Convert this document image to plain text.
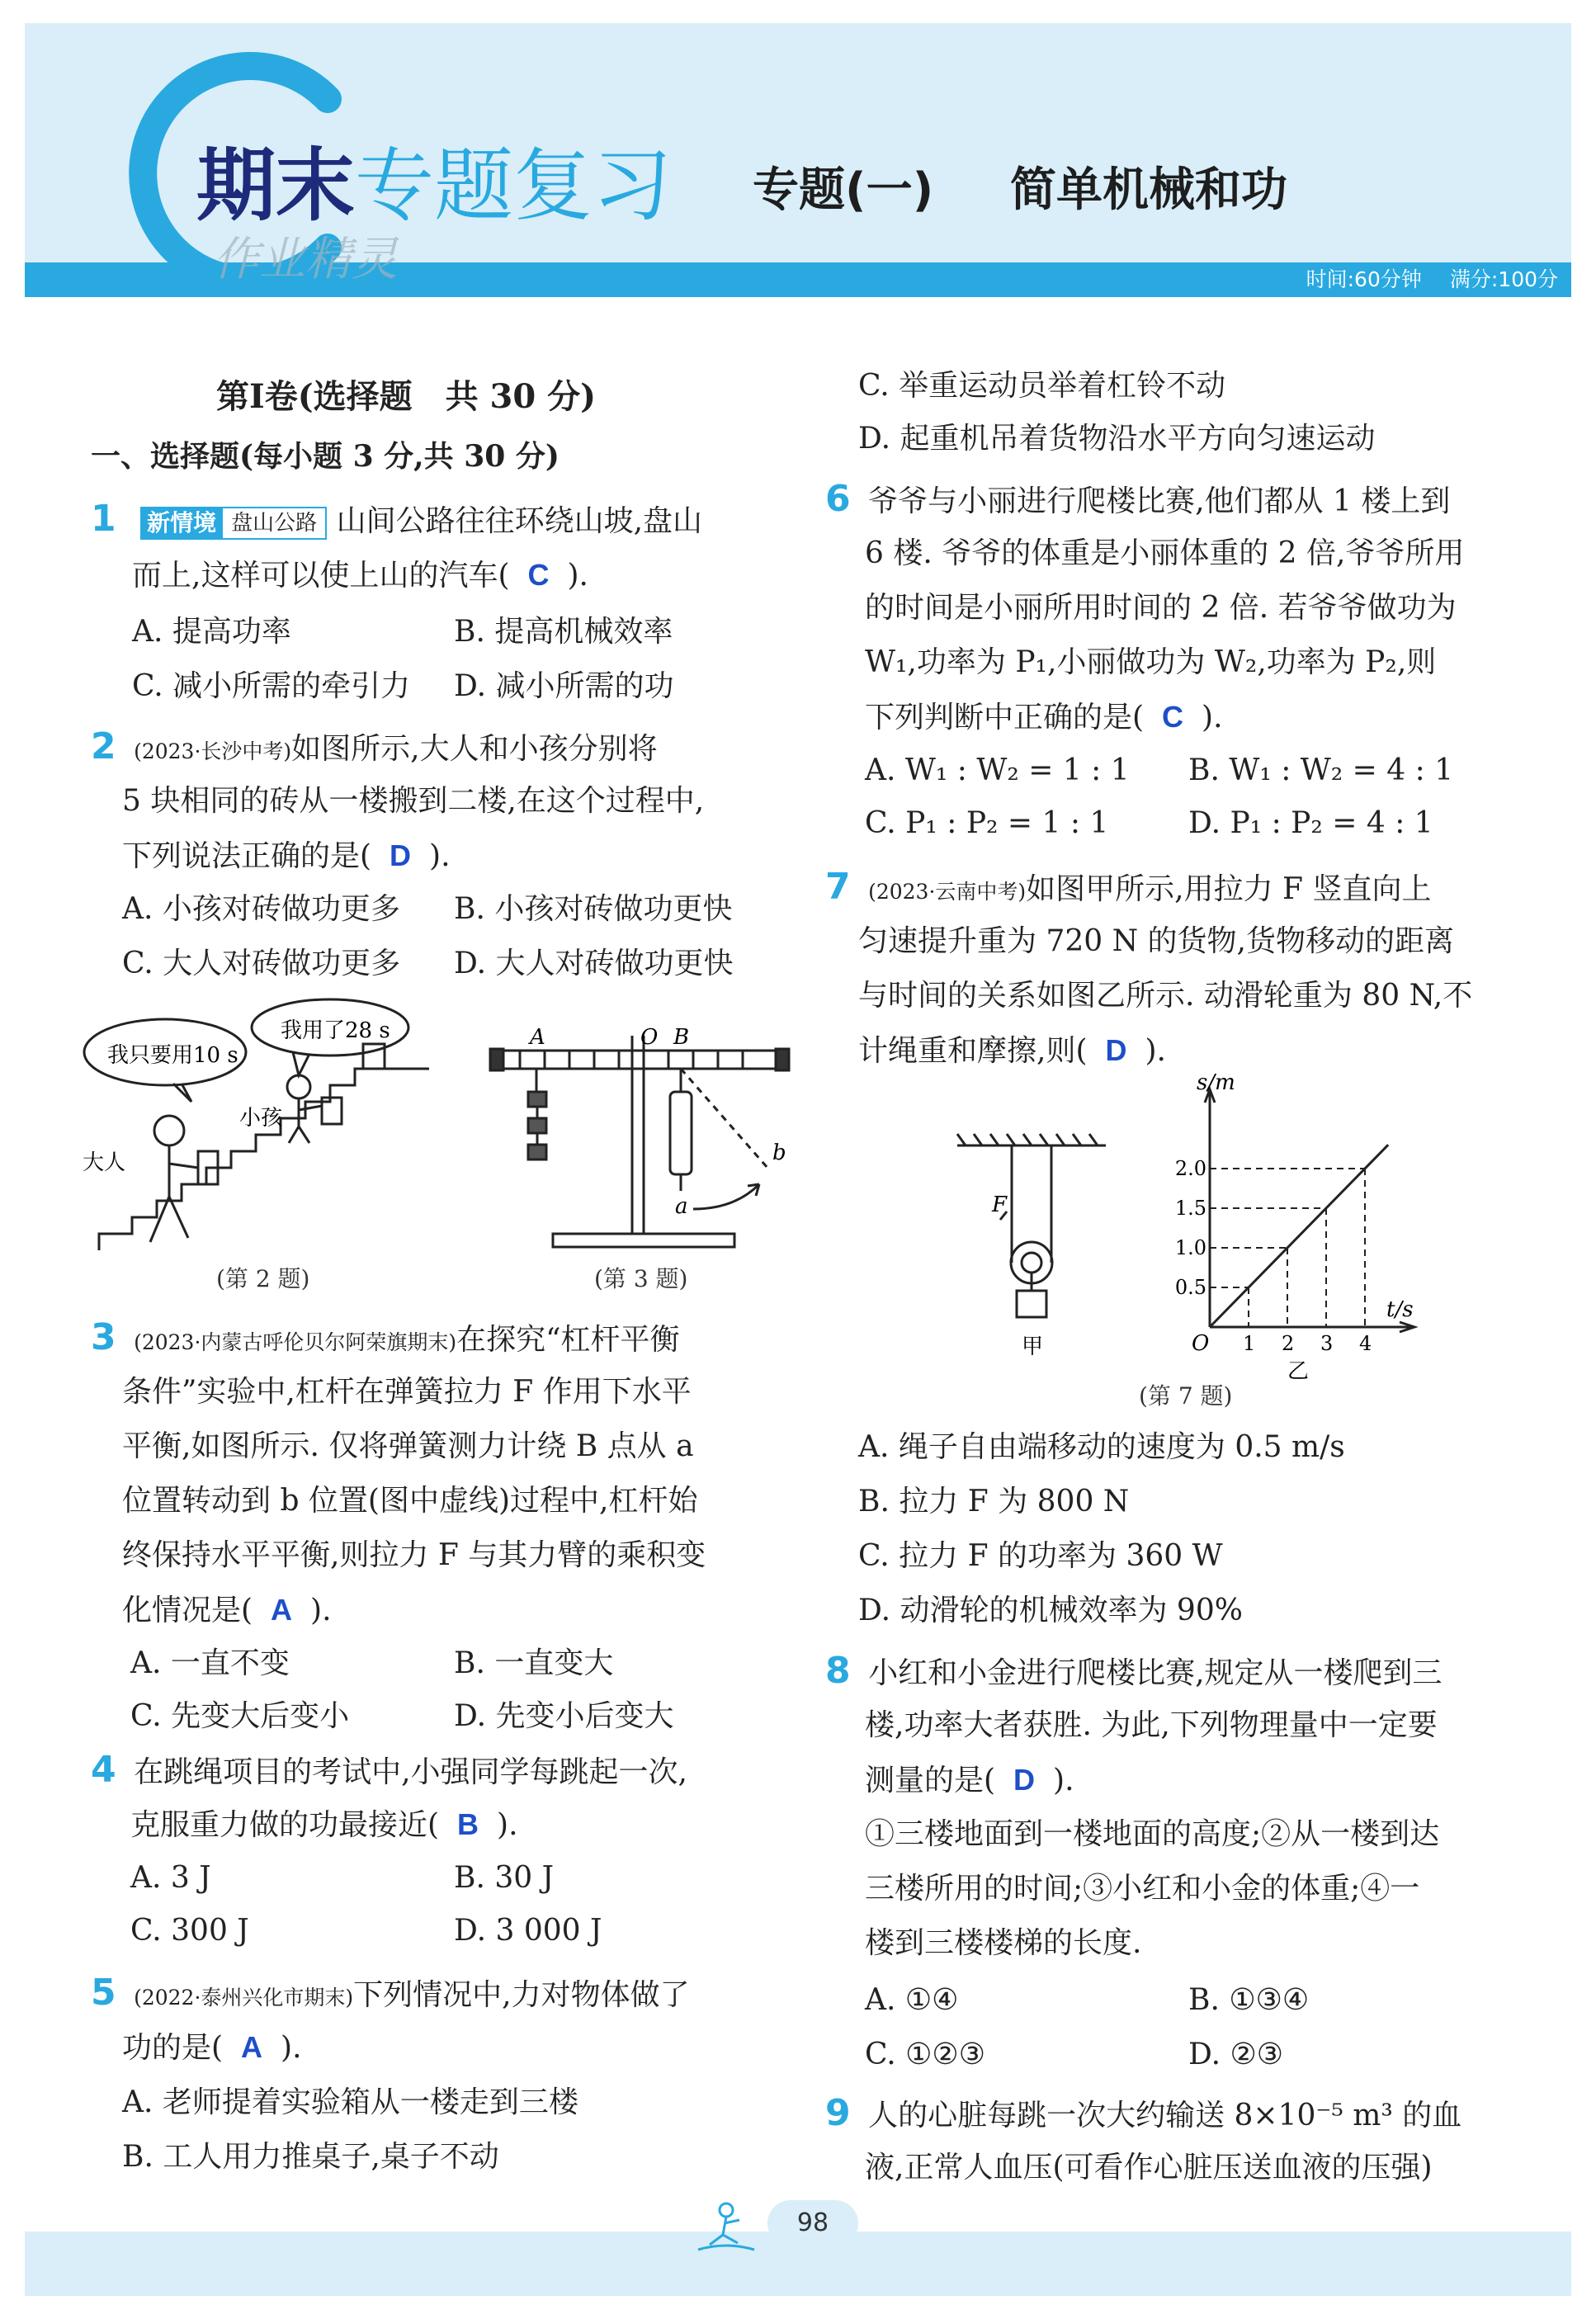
期末 专题复习
作业精灵
专题(一) 简单机械和功
时间:60分钟 满分:100分
第Ⅰ卷(选择题　共 30 分)
一、选择题(每小题 3 分,共 30 分)
1 新情境 盘山公路 山间公路往往环绕山坡,盘山
而上,这样可以使上山的汽车( C ).
A. 提高功率	B. 提高机械效率
C. 减小所需的牵引力 D. 减小所需的功
2 (2023·长沙中考)如图所示,大人和小孩分别将
5 块相同的砖从一楼搬到二楼,在这个过程中,
下列说法正确的是( D ).
A. 小孩对砖做功更多 B. 小孩对砖做功更快
C. 大人对砖做功更多 D. 大人对砖做功更快
我只要用10 s
我用了28 s
大人
小孩
(第 2 题)
A	O B
a
b
(第 3 题)
3 (2023·内蒙古呼伦贝尔阿荣旗期末)在探究“杠杆平衡
条件”实验中,杠杆在弹簧拉力 F 作用下水平
平衡,如图所示. 仅将弹簧测力计绕 B 点从 a
位置转动到 b 位置(图中虚线)过程中,杠杆始
终保持水平平衡,则拉力 F 与其力臂的乘积变
化情况是( A ).
A. 一直不变	B. 一直变大
C. 先变大后变小	D. 先变小后变大
4 在跳绳项目的考试中,小强同学每跳起一次,
克服重力做的功最接近( B ).
A. 3 J	B. 30 J
C. 300 J	D. 3 000 J
5 (2022·泰州兴化市期末)下列情况中,力对物体做了
功的是( A ).
A. 老师提着实验箱从一楼走到三楼
B. 工人用力推桌子,桌子不动
C. 举重运动员举着杠铃不动
D. 起重机吊着货物沿水平方向匀速运动
6 爷爷与小丽进行爬楼比赛,他们都从 1 楼上到
6 楼. 爷爷的体重是小丽体重的 2 倍,爷爷所用
的时间是小丽所用时间的 2 倍. 若爷爷做功为
W₁,功率为 P₁,小丽做功为 W₂,功率为 P₂,则
下列判断中正确的是( C ).
A. W₁ : W₂ = 1 : 1 B. W₁ : W₂ = 4 : 1
C. P₁ : P₂ = 1 : 1	D. P₁ : P₂ = 4 : 1
7 (2023·云南中考)如图甲所示,用拉力 F 竖直向上
匀速提升重为 720 N 的货物,货物移动的距离
与时间的关系如图乙所示. 动滑轮重为 80 N,不
计绳重和摩擦,则( D ).
F
甲	1 2 3 4
0.5
1.0
1.5
2.0
s/m
t/s
O
乙
(第 7 题)
A. 绳子自由端移动的速度为 0.5 m/s
B. 拉力 F 为 800 N
C. 拉力 F 的功率为 360 W
D. 动滑轮的机械效率为 90%
8 小红和小金进行爬楼比赛,规定从一楼爬到三
楼,功率大者获胜. 为此,下列物理量中一定要
测量的是( D ).
①三楼地面到一楼地面的高度;②从一楼到达
三楼所用的时间;③小红和小金的体重;④一
楼到三楼楼梯的长度.
A. ①④	B. ①③④
C. ①②③	D. ②③
9 人的心脏每跳一次大约输送 8×10⁻⁵ m³ 的血
液,正常人血压(可看作心脏压送血液的压强)
98
